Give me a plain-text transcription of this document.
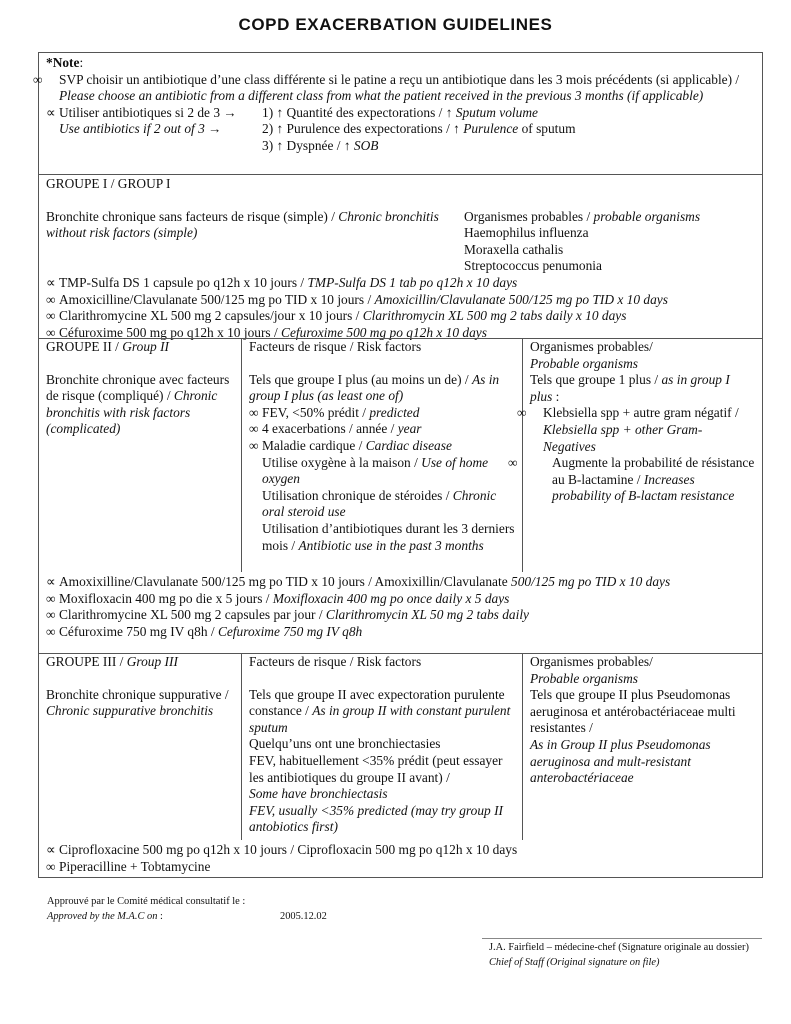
COPD EXACERBATION GUIDELINES
*Note:
∞ SVP choisir un antibiotique d’une class différente si le patine a reçu un antibiotique dans les 3 mois précédents (si applicable) / Please choose an antibiotic from a different class from what the patient received in the previous 3 months (if applicable)
∝ Utiliser antibiotiques si 2 de 3 →
Use antibiotics if 2 out of 3 →
1) ↑ Quantité des expectorations / ↑ Sputum volume
2) ↑ Purulence des expectorations / ↑ Purulence of sputum
3) ↑ Dyspnée / ↑ SOB
GROUPE I / GROUP I
Bronchite chronique sans facteurs de risque (simple) / Chronic bronchitis without risk factors (simple)
Organismes probables / probable organisms
Haemophilus influenza
Moraxella cathalis
Streptococcus penumonia
∝ TMP-Sulfa DS 1 capsule po q12h x 10 jours / TMP-Sulfa DS 1 tab po q12h x 10 days
∞ Amoxicilline/Clavulanate 500/125 mg po TID x 10 jours / Amoxicillin/Clavulanate 500/125 mg po TID x 10 days
∞ Clarithromycine XL 500 mg 2 capsules/jour x 10 jours / Clarithromycin XL 500 mg 2 tabs daily x 10 days
∞ Céfuroxime 500 mg po q12h x 10 jours / Cefuroxime 500 mg po q12h x 10 days
GROUPE II / Group II
Bronchite chronique avec facteurs de risque (compliqué) / Chronic bronchitis with risk factors (complicated)
Facteurs de risque / Risk factors
Tels que groupe I plus (au moins un de) / As in group I plus (as least one of)
∞ FEV, <50% prédit / predicted
∞ 4 exacerbations / année / year
∞ Maladie cardique / Cardiac disease
Utilise oxygène à la maison / Use of home oxygen
Utilisation chronique de stéroides / Chronic oral steroid use
Utilisation d’antibiotiques durant les 3 derniers mois / Antibiotic use in the past 3 months
Organismes probables/
Probable organisms
Tels que groupe 1 plus / as in group I plus :
∞ Klebsiella spp + autre gram négatif / Klebsiella spp + other Gram-Negatives
∞	Augmente la probabilité de résistance au B-lactamine / Increases probability of B-lactam resistance
∝ Amoxixilline/Clavulanate 500/125 mg po TID x 10 jours / Amoxixillin/Clavulanate 500/125 mg po TID x 10 days
∞ Moxifloxacin 400 mg po die x 5 jours / Moxifloxacin 400 mg po once daily x 5 days
∞ Clarithromycine XL 500 mg 2 capsules par jour / Clarithromycin XL 50 mg 2 tabs daily
∞ Céfuroxime 750 mg IV q8h / Cefuroxime 750 mg IV q8h
GROUPE III / Group III
Bronchite chronique suppurative / Chronic suppurative bronchitis
Facteurs de risque / Risk factors
Tels que groupe II avec expectoration purulente constance / As in group II with constant purulent sputum
Quelqu’uns ont une bronchiectasies
FEV, habituellement <35% prédit (peut essayer les antibiotiques du groupe II avant) /
Some have bronchiectasis
FEV, usually <35% predicted (may try group II antobiotics first)
Organismes probables/
Probable organisms
Tels que groupe II plus Pseudomonas aeruginosa et antérobactériaceae multi resistantes /
As in Group II plus Pseudomonas aeruginosa and mult-resistant anterobactériaceae
∝ Ciprofloxacine 500 mg po q12h x 10 jours / Ciprofloxacin 500 mg po q12h x 10 days
∞ Piperacilline + Tobtamycine
Approuvé par le Comité médical consultatif le :
Approved by the M.A.C on :	2005.12.02
J.A. Fairfield – médecine-chef (Signature originale au dossier)
Chief of Staff (Original signature on file)
